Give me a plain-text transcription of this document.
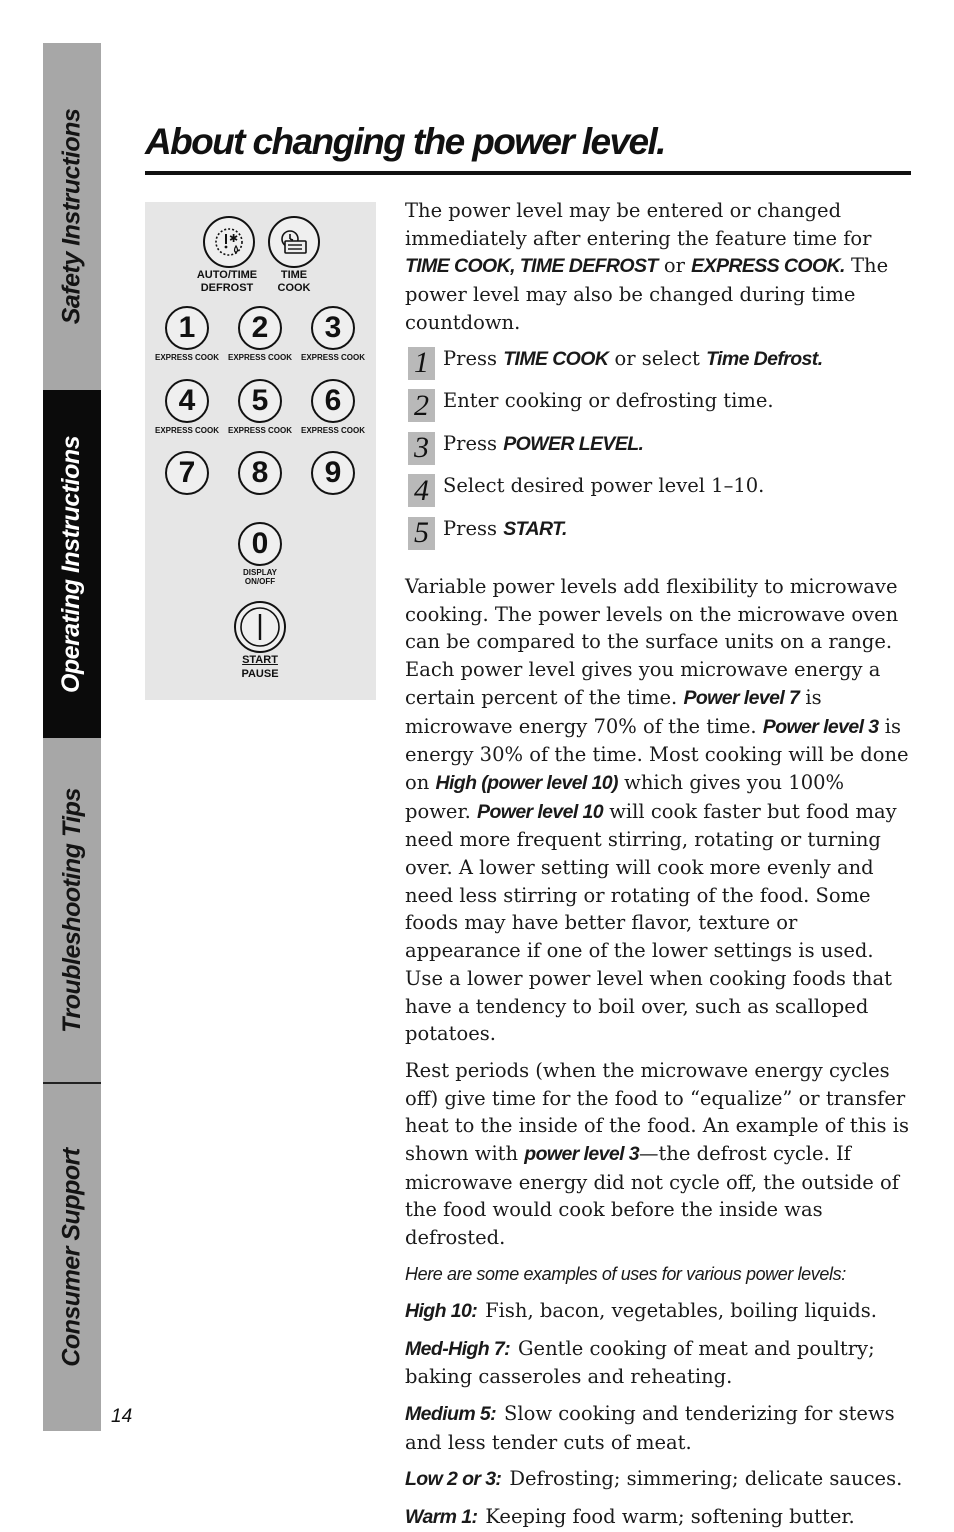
Safety Instructions
Operating Instructions
Troubleshooting Tips
Consumer Support
About changing the power level.
✱
AUTO/TIME
DEFROST
TIME
COOK
1 2 3
EXPRESS COOK EXPRESS COOK EXPRESS COOK
4 5 6
EXPRESS COOK EXPRESS COOK EXPRESS COOK
7 8 9
0
DISPLAY
ON/OFF
START
PAUSE

The power level may be entered or changed immediately after entering the feature time for TIME COOK, TIME DEFROST or EXPRESS COOK. The power level may also be changed during time countdown.

1 Press TIME COOK or select Time Defrost.
2 Enter cooking or defrosting time.
3 Press POWER LEVEL.
4 Select desired power level 1–10.
5 Press START.

Variable power levels add flexibility to microwave cooking. The power levels on the microwave oven can be compared to the surface units on a range. Each power level gives you microwave energy a certain percent of the time. Power level 7 is microwave energy 70% of the time. Power level 3 is energy 30% of the time. Most cooking will be done on High (power level 10) which gives you 100% power. Power level 10 will cook faster but food may need more frequent stirring, rotating or turning over. A lower setting will cook more evenly and need less stirring or rotating of the food. Some foods may have better flavor, texture or appearance if one of the lower settings is used. Use a lower power level when cooking foods that have a tendency to boil over, such as scalloped potatoes.

Rest periods (when the microwave energy cycles off) give time for the food to “equalize” or transfer heat to the inside of the food. An example of this is shown with power level 3—the defrost cycle. If microwave energy did not cycle off, the outside of the food would cook before the inside was defrosted.

Here are some examples of uses for various power levels:

High 10: Fish, bacon, vegetables, boiling liquids.

Med-High 7: Gentle cooking of meat and poultry; baking casseroles and reheating.

Medium 5: Slow cooking and tenderizing for stews and less tender cuts of meat.

Low 2 or 3: Defrosting; simmering; delicate sauces.

Warm 1: Keeping food warm; softening butter.

14
